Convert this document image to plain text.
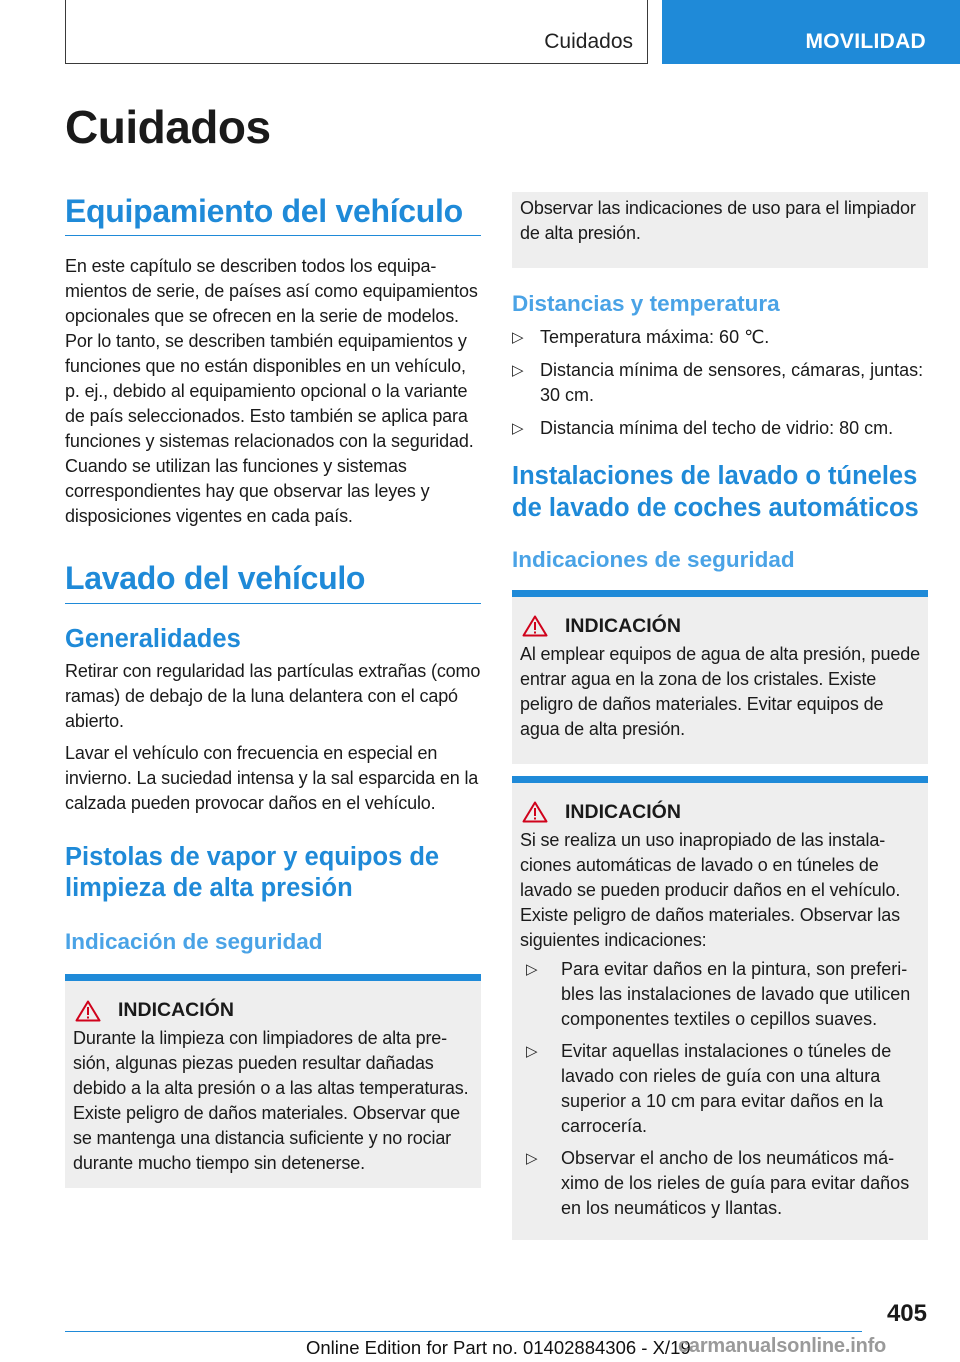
Cuidados	MOVILIDAD
Cuidados
Equipamiento del vehículo

En este capítulo se describen todos los equipamientos de serie, de países así como equipamientos opcionales que se ofrecen en la serie de modelos. Por lo tanto, se describen también equipamientos y funciones que no están disponibles en un vehículo, p. ej., debido al equipamiento opcional o la variante de país seleccionados. Esto también se aplica para funciones y sistemas relacionados con la seguridad. Cuando se utilizan las funciones y sistemas correspondientes hay que observar las leyes y disposiciones vigentes en cada país.

Lavado del vehículo
Generalidades

Retirar con regularidad las partículas extrañas (como ramas) de debajo de la luna delantera con el capó abierto.

Lavar el vehículo con frecuencia en especial en invierno. La suciedad intensa y la sal esparcida en la calzada pueden provocar daños en el vehículo.

Pistolas de vapor y equipos de limpieza de alta presión
Indicación de seguridad
INDICACIÓN

Durante la limpieza con limpiadores de alta presión, algunas piezas pueden resultar dañadas debido a la alta presión o a las altas temperaturas. Existe peligro de daños materiales. Observar que se mantenga una distancia suficiente y no rociar durante mucho tiempo sin detenerse.

Observar las indicaciones de uso para el limpiador de alta presión.

Distancias y temperatura
▷ Temperatura máxima: 60 ℃.
▷ Distancia mínima de sensores, cámaras, juntas: 30 cm.
▷ Distancia mínima del techo de vidrio: 80 cm.
Instalaciones de lavado o túneles de lavado de coches automáticos
Indicaciones de seguridad
INDICACIÓN

Al emplear equipos de agua de alta presión, puede entrar agua en la zona de los cristales. Existe peligro de daños materiales. Evitar equipos de agua de alta presión.

INDICACIÓN

Si se realiza un uso inapropiado de las instalaciones automáticas de lavado o en túneles de lavado se pueden producir daños en el vehículo. Existe peligro de daños materiales. Observar las siguientes indicaciones:

▷ Para evitar daños en la pintura, son preferibles las instalaciones de lavado que utilicen componentes textiles o cepillos suaves.
▷ Evitar aquellas instalaciones o túneles de lavado con rieles de guía con una altura superior a 10 cm para evitar daños en la carrocería.
▷ Observar el ancho de los neumáticos máximo de los rieles de guía para evitar daños en los neumáticos y llantas.
405
Online Edition for Part no. 01402884306 - X/19
carmanualsonline.info
